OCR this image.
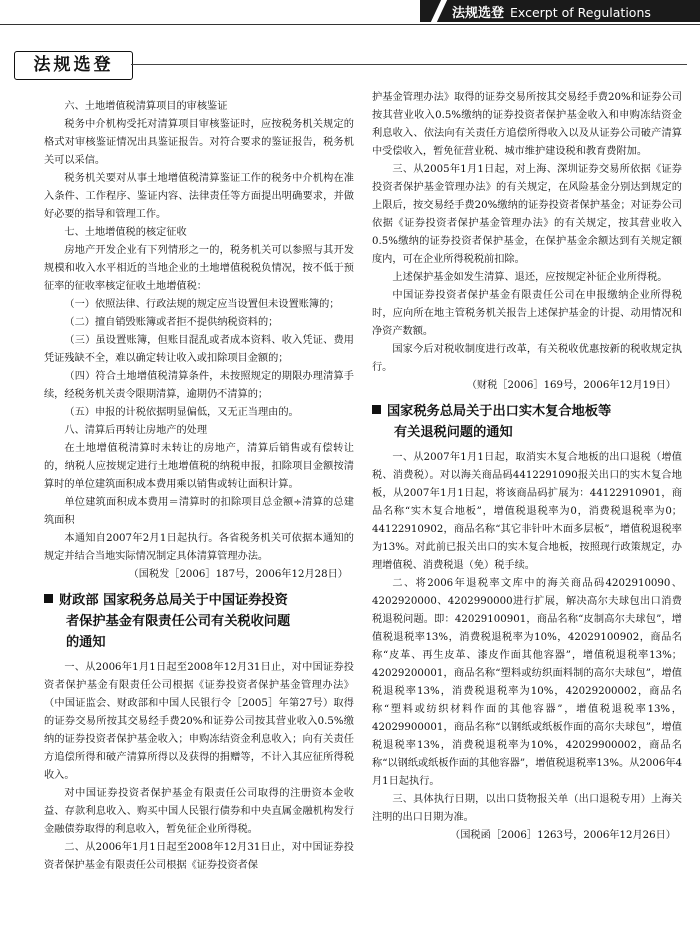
法规选登 Excerpt of Regulations
法规选登

六、土地增值税清算项目的审核鉴证

税务中介机构受托对清算项目审核鉴证时，应按税务机关规定的格式对审核鉴证情况出具鉴证报告。对符合要求的鉴证报告，税务机关可以采信。

税务机关要对从事土地增值税清算鉴证工作的税务中介机构在准入条件、工作程序、鉴证内容、法律责任等方面提出明确要求，并做好必要的指导和管理工作。

七、土地增值税的核定征收

房地产开发企业有下列情形之一的，税务机关可以参照与其开发规模和收入水平相近的当地企业的土地增值税税负情况，按不低于预征率的征收率核定征收土地增值税：

（一）依照法律、行政法规的规定应当设置但未设置账簿的；

（二）擅自销毁账簿或者拒不提供纳税资料的；

（三）虽设置账簿，但账目混乱或者成本资料、收入凭证、费用凭证残缺不全，难以确定转让收入或扣除项目金额的；

（四）符合土地增值税清算条件，未按照规定的期限办理清算手续，经税务机关责令限期清算，逾期仍不清算的；

（五）申报的计税依据明显偏低，又无正当理由的。

八、清算后再转让房地产的处理

在土地增值税清算时未转让的房地产，清算后销售或有偿转让的，纳税人应按规定进行土地增值税的纳税申报，扣除项目金额按清算时的单位建筑面积成本费用乘以销售或转让面积计算。

单位建筑面积成本费用＝清算时的扣除项目总金额÷清算的总建筑面积

本通知自2007年2月1日起执行。各省税务机关可依据本通知的规定并结合当地实际情况制定具体清算管理办法。

（国税发［2006］187号，2006年12月28日）

财政部 国家税务总局关于中国证券投资
者保护基金有限责任公司有关税收问题
的通知

一、从2006年1月1日起至2008年12月31日止，对中国证券投资者保护基金有限责任公司根据《证券投资者保护基金管理办法》（中国证监会、财政部和中国人民银行令［2005］年第27号）取得的证券交易所按其交易经手费20%和证券公司按其营业收入0.5%缴纳的证券投资者保护基金收入；申购冻结资金利息收入；向有关责任方追偿所得和破产清算所得以及获得的捐赠等，不计入其应征所得税收入。

对中国证券投资者保护基金有限责任公司取得的注册资本金收益、存款利息收入、购买中国人民银行债券和中央直属金融机构发行金融债券取得的利息收入，暂免征企业所得税。

二、从2006年1月1日起至2008年12月31日止，对中国证券投资者保护基金有限责任公司根据《证券投资者保

护基金管理办法》取得的证券交易所按其交易经手费20%和证券公司按其营业收入0.5%缴纳的证券投资者保护基金收入和申购冻结资金利息收入、依法向有关责任方追偿所得收入以及从证券公司破产清算中受偿收入，暂免征营业税、城市维护建设税和教育费附加。

三、从2005年1月1日起，对上海、深圳证券交易所依据《证券投资者保护基金管理办法》的有关规定，在风险基金分别达到规定的上限后，按交易经手费20%缴纳的证券投资者保护基金；对证券公司依据《证券投资者保护基金管理办法》的有关规定，按其营业收入0.5%缴纳的证券投资者保护基金，在保护基金余额达到有关规定额度内，可在企业所得税税前扣除。

上述保护基金如发生清算、退还，应按规定补征企业所得税。

中国证券投资者保护基金有限责任公司在申报缴纳企业所得税时，应向所在地主管税务机关报告上述保护基金的计提、动用情况和净资产数额。

国家今后对税收制度进行改革，有关税收优惠按新的税收规定执行。

（财税［2006］169号，2006年12月19日）

国家税务总局关于出口实木复合地板等
有关退税问题的通知

一、从2007年1月1日起，取消实木复合地板的出口退税（增值税、消费税）。对以海关商品码4412291090报关出口的实木复合地板，从2007年1月1日起，将该商品码扩展为：44122910901，商品名称“实木复合地板”，增值税退税率为0，消费税退税率为0；44122910902，商品名称“其它非针叶木面多层板”，增值税退税率为13%。对此前已报关出口的实木复合地板，按照现行政策规定，办理增值税、消费税退（免）税手续。

二、将2006年退税率文库中的海关商品码4202910090、4202920000、4202990000进行扩展，解决高尔夫球包出口消费税退税问题。即：42029100901，商品名称“皮制高尔夫球包”，增值税退税率13%，消费税退税率为10%，42029100902，商品名称“皮革、再生皮革、漆皮作面其他容器”，增值税退税率13%；42029200001，商品名称“塑料或纺织面料制的高尔夫球包”，增值税退税率13%，消费税退税率为10%，42029200002，商品名称“塑料或纺织材料作面的其他容器”，增值税退税率13%，42029900001，商品名称“以钢纸或纸板作面的高尔夫球包”，增值税退税率13%，消费税退税率为10%，42029900002，商品名称“以钢纸或纸板作面的其他容器”，增值税退税率13%。从2006年4月1日起执行。

三、具体执行日期，以出口货物报关单（出口退税专用）上海关注明的出口日期为准。

（国税函［2006］1263号，2006年12月26日）
